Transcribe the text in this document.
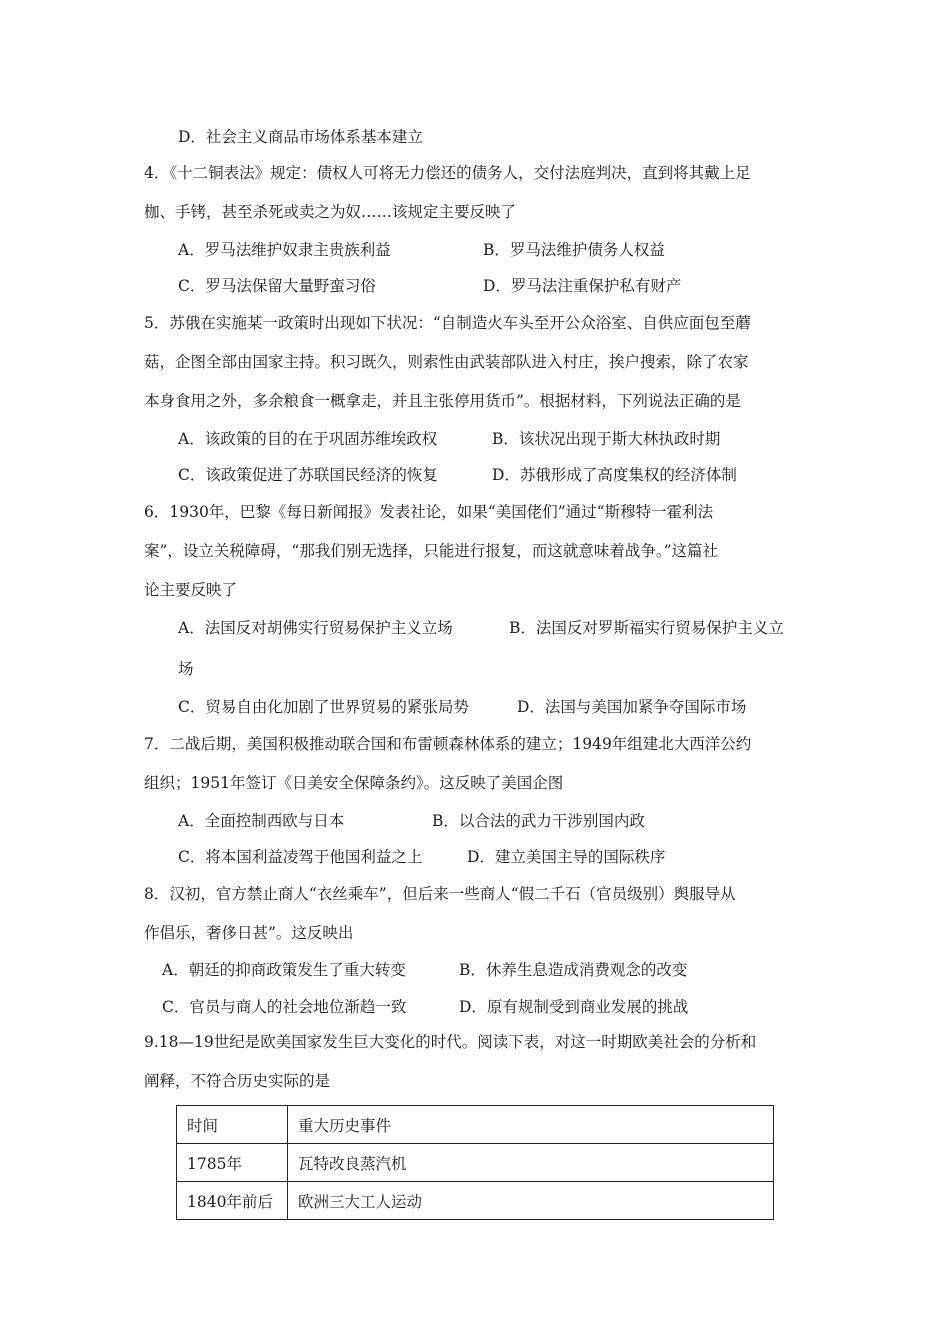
D．社会主义商品市场体系基本建立
4．《十二铜表法》规定：债权人可将无力偿还的债务人，交付法庭判决，直到将其戴上足
枷、手铐，甚至杀死或卖之为奴……该规定主要反映了
A．罗马法维护奴隶主贵族利益	B．罗马法维护债务人权益
C．罗马法保留大量野蛮习俗	D．罗马法注重保护私有财产
5．苏俄在实施某一政策时出现如下状况：“自制造火车头至开公众浴室、自供应面包至蘑
菇，企图全部由国家主持。积习既久，则索性由武装部队进入村庄，挨户搜索，除了农家
本身食用之外，多余粮食一概拿走，并且主张停用货币”。根据材料，下列说法正确的是
A．该政策的目的在于巩固苏维埃政权	B．该状况出现于斯大林执政时期
C．该政策促进了苏联国民经济的恢复	D．苏俄形成了高度集权的经济体制
6．1930年，巴黎《每日新闻报》发表社论，如果“美国佬们”通过“斯穆特一霍利法
案”，设立关税障碍，“那我们别无选择，只能进行报复，而这就意味着战争。”这篇社
论主要反映了
A．法国反对胡佛实行贸易保护主义立场	B．法国反对罗斯福实行贸易保护主义立
场
C．贸易自由化加剧了世界贸易的紧张局势	D．法国与美国加紧争夺国际市场
7．二战后期，美国积极推动联合国和布雷顿森林体系的建立；1949年组建北大西洋公约
组织；1951年签订《日美安全保障条约》。这反映了美国企图
A．全面控制西欧与日本	B．以合法的武力干涉别国内政
C．将本国利益凌驾于他国利益之上	D．建立美国主导的国际秩序
8．汉初，官方禁止商人“衣丝乘车”，但后来一些商人“假二千石（官员级别）舆服导从
作倡乐，奢侈日甚”。这反映出
A．朝廷的抑商政策发生了重大转变	B．休养生息造成消费观念的改变
C．官员与商人的社会地位渐趋一致	D．原有规制受到商业发展的挑战
9.18—19世纪是欧美国家发生巨大变化的时代。阅读下表，对这一时期欧美社会的分析和
阐释，不符合历史实际的是
时间	重大历史事件
1785年	瓦特改良蒸汽机
1840年前后	欧洲三大工人运动
